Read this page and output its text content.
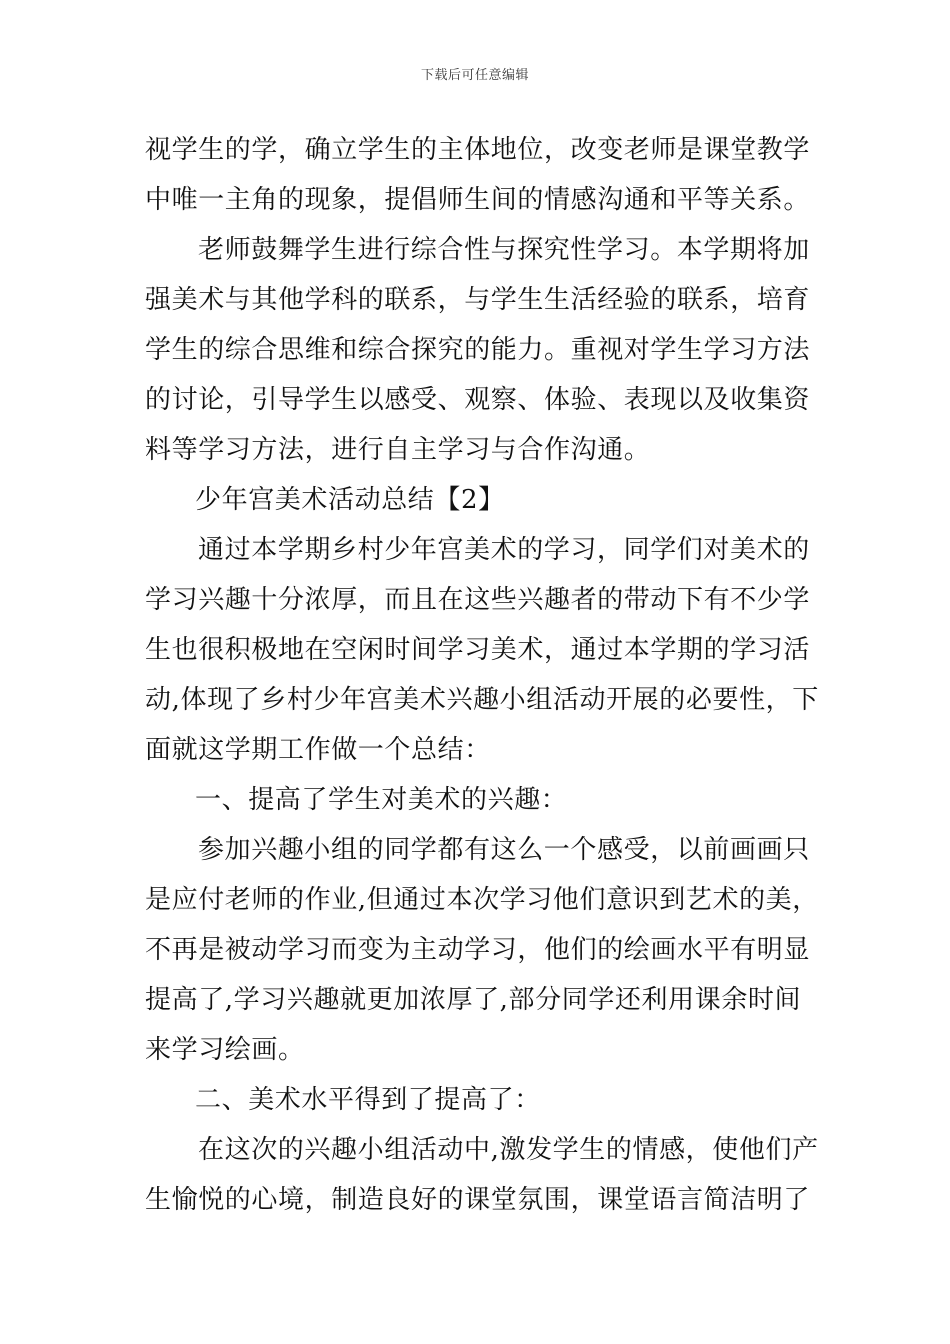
下载后可任意编辑
视学生的学，确立学生的主体地位，改变老师是课堂教学
中唯一主角的现象，提倡师生间的情感沟通和平等关系。
老师鼓舞学生进行综合性与探究性学习。本学期将加
强美术与其他学科的联系，与学生生活经验的联系，培育
学生的综合思维和综合探究的能力。重视对学生学习方法
的讨论，引导学生以感受、观察、体验、表现以及收集资
料等学习方法，进行自主学习与合作沟通。
少年宫美术活动总结【2】
通过本学期乡村少年宫美术的学习，同学们对美术的
学习兴趣十分浓厚，而且在这些兴趣者的带动下有不少学
生也很积极地在空闲时间学习美术，通过本学期的学习活
动,体现了乡村少年宫美术兴趣小组活动开展的必要性，下
面就这学期工作做一个总结：
一、提高了学生对美术的兴趣：
参加兴趣小组的同学都有这么一个感受，以前画画只
是应付老师的作业,但通过本次学习他们意识到艺术的美，
不再是被动学习而变为主动学习，他们的绘画水平有明显
提高了,学习兴趣就更加浓厚了,部分同学还利用课余时间
来学习绘画。
二、美术水平得到了提高了：
在这次的兴趣小组活动中,激发学生的情感，使他们产
生愉悦的心境，制造良好的课堂氛围，课堂语言简洁明了
